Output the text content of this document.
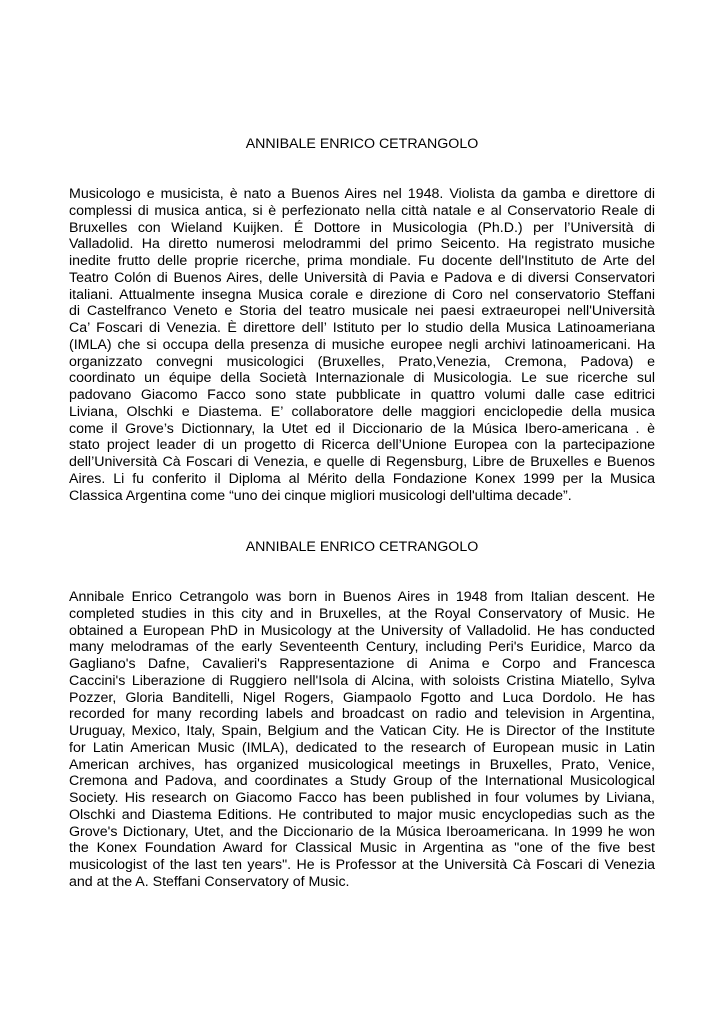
ANNIBALE ENRICO CETRANGOLO
Musicologo e musicista, è nato a Buenos Aires nel 1948. Violista da gamba e direttore di
complessi di musica antica, si è perfezionato nella città natale e al Conservatorio Reale di
Bruxelles con Wieland Kuijken. É Dottore in Musicologia (Ph.D.) per l’Università di
Valladolid. Ha diretto numerosi melodrammi del primo Seicento. Ha registrato musiche
inedite frutto delle proprie ricerche, prima mondiale. Fu docente dell'Instituto de Arte del
Teatro Colón di Buenos Aires, delle Università di Pavia e Padova e di diversi Conservatori
italiani. Attualmente insegna Musica corale e direzione di Coro nel conservatorio Steffani
di Castelfranco Veneto e Storia del teatro musicale nei paesi extraeuropei nell'Università
Ca’ Foscari di Venezia. È direttore dell’ Istituto per lo studio della Musica Latinoameriana
(IMLA) che si occupa della presenza di musiche europee negli archivi latinoamericani. Ha
organizzato convegni musicologici (Bruxelles, Prato,Venezia, Cremona, Padova) e
coordinato un équipe della Società Internazionale di Musicologia. Le sue ricerche sul
padovano Giacomo Facco sono state pubblicate in quattro volumi dalle case editrici
Liviana, Olschki e Diastema. E’ collaboratore delle maggiori enciclopedie della musica
come il Grove’s Dictionnary, la Utet ed il Diccionario de la Música Ibero-americana . è
stato project leader di un progetto di Ricerca dell’Unione Europea con la partecipazione
dell’Università Cà Foscari di Venezia, e quelle di Regensburg, Libre de Bruxelles e Buenos
Aires. Li fu conferito il Diploma al Mérito della Fondazione Konex 1999 per la Musica
Classica Argentina come “uno dei cinque migliori musicologi dell'ultima decade”.
ANNIBALE ENRICO CETRANGOLO
Annibale Enrico Cetrangolo was born in Buenos Aires in 1948 from Italian descent. He
completed studies in this city and in Bruxelles, at the Royal Conservatory of Music. He
obtained a European PhD in Musicology at the University of Valladolid. He has conducted
many melodramas of the early Seventeenth Century, including Peri's Euridice, Marco da
Gagliano's Dafne, Cavalieri's Rappresentazione di Anima e Corpo and Francesca
Caccini's Liberazione di Ruggiero nell'Isola di Alcina, with soloists Cristina Miatello, Sylva
Pozzer, Gloria Banditelli, Nigel Rogers, Giampaolo Fgotto and Luca Dordolo. He has
recorded for many recording labels and broadcast on radio and television in Argentina,
Uruguay, Mexico, Italy, Spain, Belgium and the Vatican City. He is Director of the Institute
for Latin American Music (IMLA), dedicated to the research of European music in Latin
American archives, has organized musicological meetings in Bruxelles, Prato, Venice,
Cremona and Padova, and coordinates a Study Group of the International Musicological
Society. His research on Giacomo Facco has been published in four volumes by Liviana,
Olschki and Diastema Editions. He contributed to major music encyclopedias such as the
Grove's Dictionary, Utet, and the Diccionario de la Música Iberoamericana. In 1999 he won
the Konex Foundation Award for Classical Music in Argentina as "one of the five best
musicologist of the last ten years". He is Professor at the Università Cà Foscari di Venezia
and at the A. Steffani Conservatory of Music.
